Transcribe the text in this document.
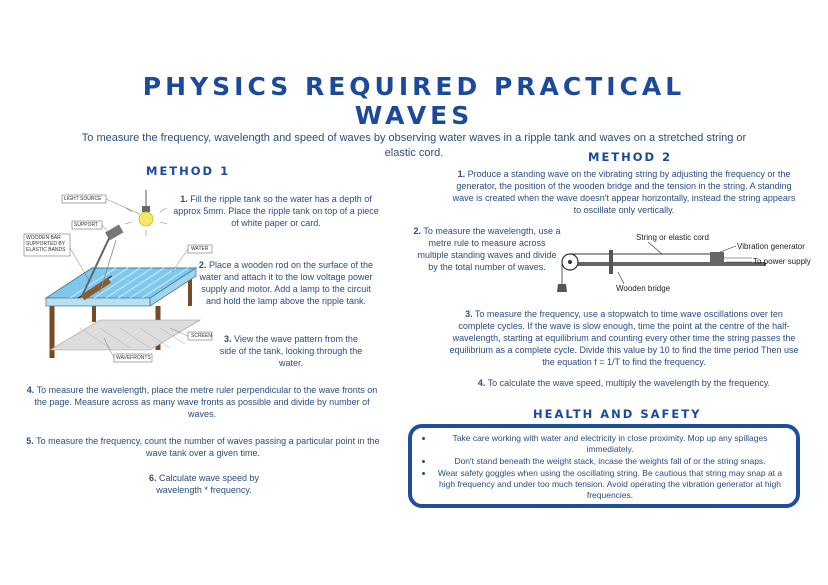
PHYSICS REQUIRED PRACTICAL
WAVES
To measure the frequency, wavelength and speed of waves by observing water waves in a ripple tank and waves on a stretched string or elastic cord.
METHOD 1
LIGHT SOURCE
SUPPORT
WOODEN BAR SUPPORTED BY ELASTIC BANDS	WATER
SCREEN
WAVEFRONTS
1. Fill the ripple tank so the water has a depth of approx 5mm. Place the ripple tank on top of a piece of white paper or card.
2. Place a wooden rod on the surface of the water and attach it to the low voltage power supply and motor. Add a lamp to the circuit and hold the lamp above the ripple tank.
3. View the wave pattern from the side of the tank, looking through the water.
4. To measure the wavelength, place the metre ruler perpendicular to the wave fronts on the page. Measure across as many wave fronts as possible and divide by number of waves.
5. To measure the frequency, count the number of waves passing a particular point in the wave tank over a given time.
6. Calculate wave speed by wavelength * frequency.
METHOD 2
1. Produce a standing wave on the vibrating string by adjusting the frequency or the generator, the position of the wooden bridge and the tension in the string. A standing wave is created when the wave doesn't appear horizontally, instead the string appears to oscillate only vertically.
2. To measure the wavelength, use a metre rule to measure across multiple standing waves and divide by the total number of waves.
String or elastic cord
Vibration generator
To power supply
Wooden bridge
3. To measure the frequency, use a stopwatch to time wave oscillations over ten complete cycles. If the wave is slow enough, time the point at the centre of the half-wavelength, starting at equilibrium and counting every other time the string passes the equilibrium as a complete cycle. Divide this value by 10 to find the time period Then use the equation f = 1/T to find the frequency.
4. To calculate the wave speed, multiply the wavelength by the frequency.
HEALTH AND SAFETY
• Take care working with water and electricity in close proximity. Mop up any spillages immediately.
• Don't stand beneath the weight stack, incase the weights fall of or the string snaps.
• Wear safety goggles when using the oscillating string. Be cautious that string may snap at a high frequency and under too much tension. Avoid operating the vibration generator at high frequencies.
